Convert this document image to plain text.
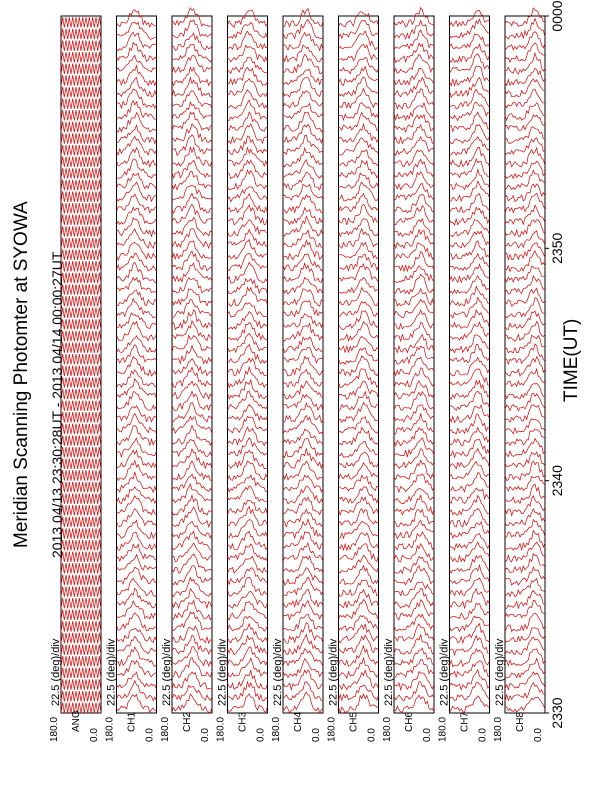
180.0	0.0
ANG
22.5 (deg)/div
180.0	0.0
CH1
22.5 (deg)/div
180.0	0.0
CH2
22.5 (deg)/div
180.0	0.0
CH3
22.5 (deg)/div
180.0	0.0
CH4
22.5 (deg)/div
180.0	0.0
CH5
22.5 (deg)/div
180.0	0.0
CH6
22.5 (deg)/div
180.0	0.0
CH7
22.5 (deg)/div
180.0	0.0
CH8
22.5 (deg)/div
Meridian Scanning Photomter at SYOWA 2013 04/13 23:30:28UT - 2013 04/14 00:00:27UT	TIME(UT)
2330
2340
2350
0000
